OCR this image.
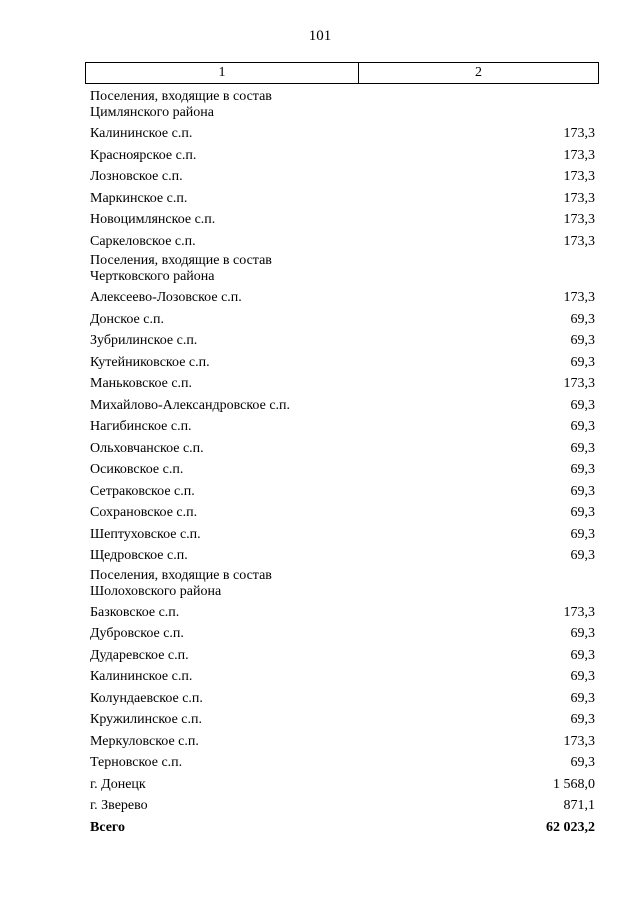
101
1	2
Поселения, входящие в состав
Цимлянского района
Калининское с.п.	173,3
Красноярское с.п.	173,3
Лозновское с.п.	173,3
Маркинское с.п.	173,3
Новоцимлянское с.п.	173,3
Саркеловское с.п.	173,3
Поселения, входящие в состав
Чертковского района
Алексеево-Лозовское с.п.	173,3
Донское с.п.	69,3
Зубрилинское с.п.	69,3
Кутейниковское с.п.	69,3
Маньковское с.п.	173,3
Михайлово-Александровское с.п.	69,3
Нагибинское с.п.	69,3
Ольховчанское с.п.	69,3
Осиковское с.п.	69,3
Сетраковское с.п.	69,3
Сохрановское с.п.	69,3
Шептуховское с.п.	69,3
Щедровское с.п.	69,3
Поселения, входящие в состав
Шолоховского района
Базковское с.п.	173,3
Дубровское с.п.	69,3
Дударевское с.п.	69,3
Калининское с.п.	69,3
Колундаевское с.п.	69,3
Кружилинское с.п.	69,3
Меркуловское с.п.	173,3
Терновское с.п.	69,3
г. Донецк	1 568,0
г. Зверево	871,1
Всего	62 023,2
